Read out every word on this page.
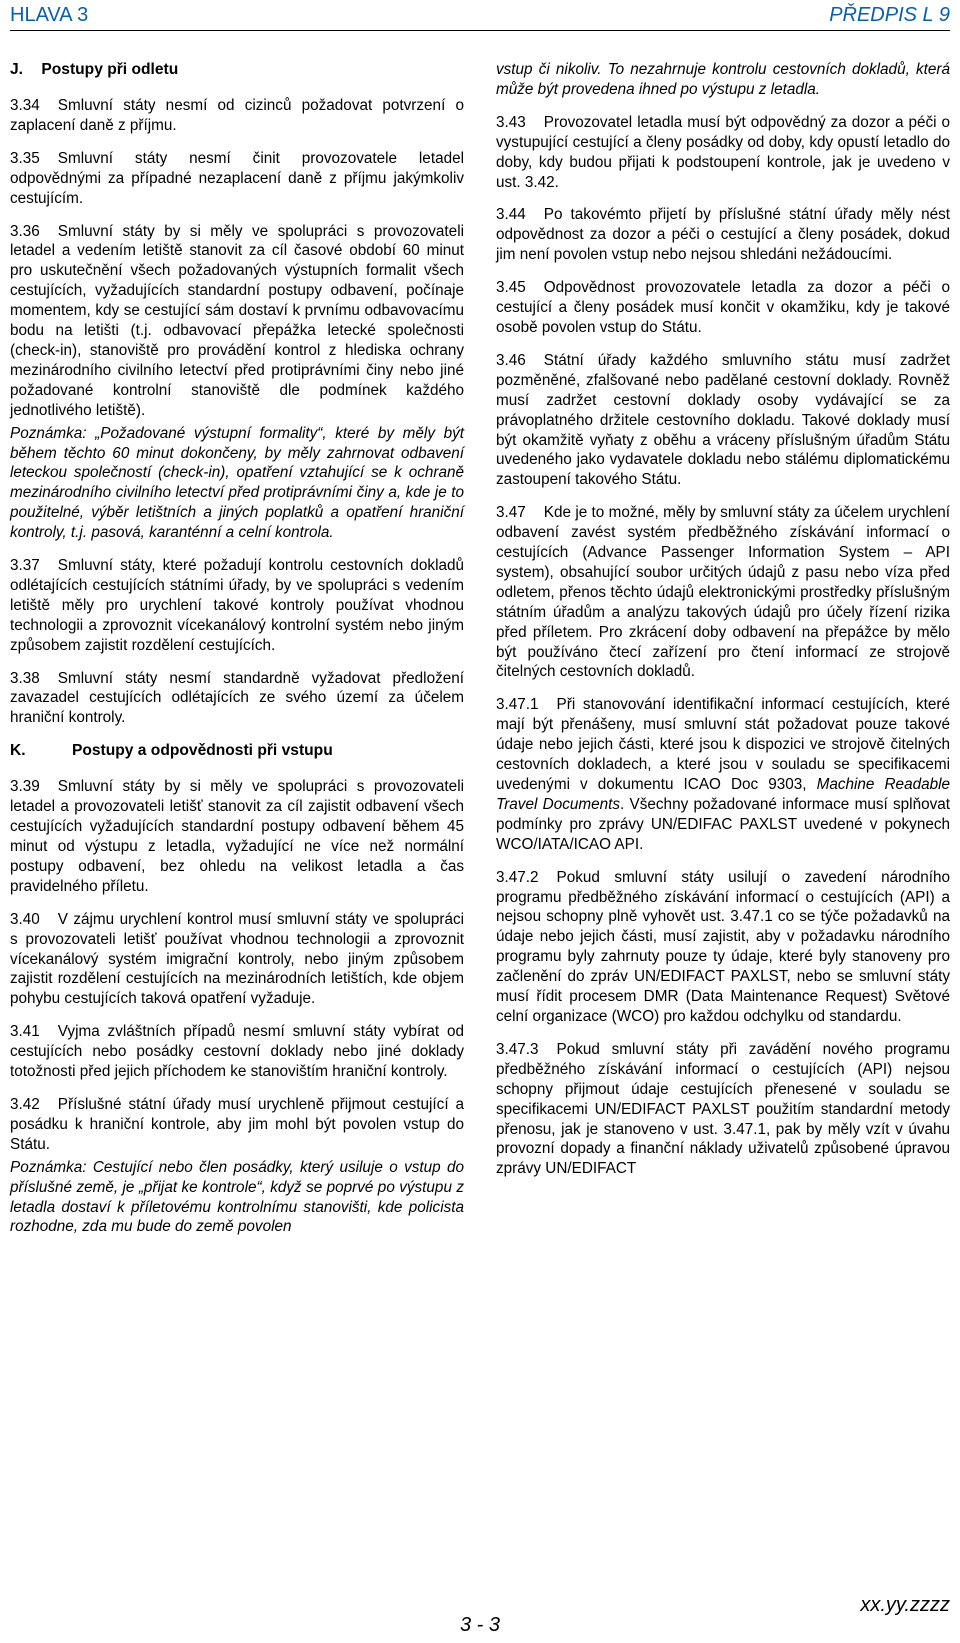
HLAVA 3	PŘEDPIS L 9
J. Postupy při odletu

3.34 Smluvní státy nesmí od cizinců požadovat potvrzení o zaplacení daně z příjmu.

3.35 Smluvní státy nesmí činit provozovatele letadel odpovědnými za případné nezaplacení daně z příjmu jakýmkoliv cestujícím.

3.36 Smluvní státy by si měly ve spolupráci s provozovateli letadel a vedením letiště stanovit za cíl časové období 60 minut pro uskutečnění všech požadovaných výstupních formalit všech cestujících, vyžadujících standardní postupy odbavení, počínaje momentem, kdy se cestující sám dostaví k prvnímu odbavovacímu bodu na letišti (t.j. odbavovací přepážka letecké společnosti (check-in), stanoviště pro provádění kontrol z hlediska ochrany mezinárodního civilního letectví před protiprávními činy nebo jiné požadované kontrolní stanoviště dle podmínek každého jednotlivého letiště).

Poznámka: „Požadované výstupní formality“, které by měly být během těchto 60 minut dokončeny, by měly zahrnovat odbavení leteckou společností (check-in), opatření vztahující se k ochraně mezinárodního civilního letectví před protiprávními činy a, kde je to použitelné, výběr letištních a jiných poplatků a opatření hraniční kontroly, t.j. pasová, karanténní a celní kontrola.

3.37 Smluvní státy, které požadují kontrolu cestovních dokladů odlétajících cestujících státními úřady, by ve spolupráci s vedením letiště měly pro urychlení takové kontroly používat vhodnou technologii a zprovoznit vícekanálový kontrolní systém nebo jiným způsobem zajistit rozdělení cestujících.

3.38 Smluvní státy nesmí standardně vyžadovat předložení zavazadel cestujících odlétajících ze svého území za účelem hraniční kontroly.

K.	Postupy a odpovědnosti při vstupu

3.39 Smluvní státy by si měly ve spolupráci s provozovateli letadel a provozovateli letišť stanovit za cíl zajistit odbavení všech cestujících vyžadujících standardní postupy odbavení během 45 minut od výstupu z letadla, vyžadující ne více než normální postupy odbavení, bez ohledu na velikost letadla a čas pravidelného příletu.

3.40 V zájmu urychlení kontrol musí smluvní státy ve spolupráci s provozovateli letišť používat vhodnou technologii a zprovoznit vícekanálový systém imigrační kontroly, nebo jiným způsobem zajistit rozdělení cestujících na mezinárodních letištích, kde objem pohybu cestujících taková opatření vyžaduje.

3.41 Vyjma zvláštních případů nesmí smluvní státy vybírat od cestujících nebo posádky cestovní doklady nebo jiné doklady totožnosti před jejich příchodem ke stanovištím hraniční kontroly.

3.42 Příslušné státní úřady musí urychleně přijmout cestující a posádku k hraniční kontrole, aby jim mohl být povolen vstup do Státu.

Poznámka: Cestující nebo člen posádky, který usiluje o vstup do příslušné země, je „přijat ke kontrole“, když se poprvé po výstupu z letadla dostaví k příletovému kontrolnímu stanovišti, kde policista rozhodne, zda mu bude do země povolen

vstup či nikoliv. To nezahrnuje kontrolu cestovních dokladů, která může být provedena ihned po výstupu z letadla.

3.43 Provozovatel letadla musí být odpovědný za dozor a péči o vystupující cestující a členy posádky od doby, kdy opustí letadlo do doby, kdy budou přijati k podstoupení kontrole, jak je uvedeno v ust. 3.42.

3.44 Po takovémto přijetí by příslušné státní úřady měly nést odpovědnost za dozor a péči o cestující a členy posádek, dokud jim není povolen vstup nebo nejsou shledáni nežádoucími.

3.45 Odpovědnost provozovatele letadla za dozor a péči o cestující a členy posádek musí končit v okamžiku, kdy je takové osobě povolen vstup do Státu.

3.46 Státní úřady každého smluvního státu musí zadržet pozměněné, zfalšované nebo padělané cestovní doklady. Rovněž musí zadržet cestovní doklady osoby vydávající se za právoplatného držitele cestovního dokladu. Takové doklady musí být okamžitě vyňaty z oběhu a vráceny příslušným úřadům Státu uvedeného jako vydavatele dokladu nebo stálému diplomatickému zastoupení takového Státu.

3.47 Kde je to možné, měly by smluvní státy za účelem urychlení odbavení zavést systém předběžného získávání informací o cestujících (Advance Passenger Information System – API system), obsahující soubor určitých údajů z pasu nebo víza před odletem, přenos těchto údajů elektronickými prostředky příslušným státním úřadům a analýzu takových údajů pro účely řízení rizika před příletem. Pro zkrácení doby odbavení na přepážce by mělo být používáno čtecí zařízení pro čtení informací ze strojově čitelných cestovních dokladů.

3.47.1 Při stanovování identifikační informací cestujících, které mají být přenášeny, musí smluvní stát požadovat pouze takové údaje nebo jejich části, které jsou k dispozici ve strojově čitelných cestovních dokladech, a které jsou v souladu se specifikacemi uvedenými v dokumentu ICAO Doc 9303, Machine Readable Travel Documents. Všechny požadované informace musí splňovat podmínky pro zprávy UN/EDIFAC PAXLST uvedené v pokynech WCO/IATA/ICAO API.

3.47.2 Pokud smluvní státy usilují o zavedení národního programu předběžného získávání informací o cestujících (API) a nejsou schopny plně vyhovět ust. 3.47.1 co se týče požadavků na údaje nebo jejich části, musí zajistit, aby v požadavku národního programu byly zahrnuty pouze ty údaje, které byly stanoveny pro začlenění do zpráv UN/EDIFACT PAXLST, nebo se smluvní státy musí řídit procesem DMR (Data Maintenance Request) Světové celní organizace (WCO) pro každou odchylku od standardu.

3.47.3 Pokud smluvní státy při zavádění nového programu předběžného získávání informací o cestujících (API) nejsou schopny přijmout údaje cestujících přenesené v souladu se specifikacemi UN/EDIFACT PAXLST použitím standardní metody přenosu, jak je stanoveno v ust. 3.47.1, pak by měly vzít v úvahu provozní dopady a finanční náklady uživatelů způsobené úpravou zprávy UN/EDIFACT

xx.yy.zzzz
3 - 3
